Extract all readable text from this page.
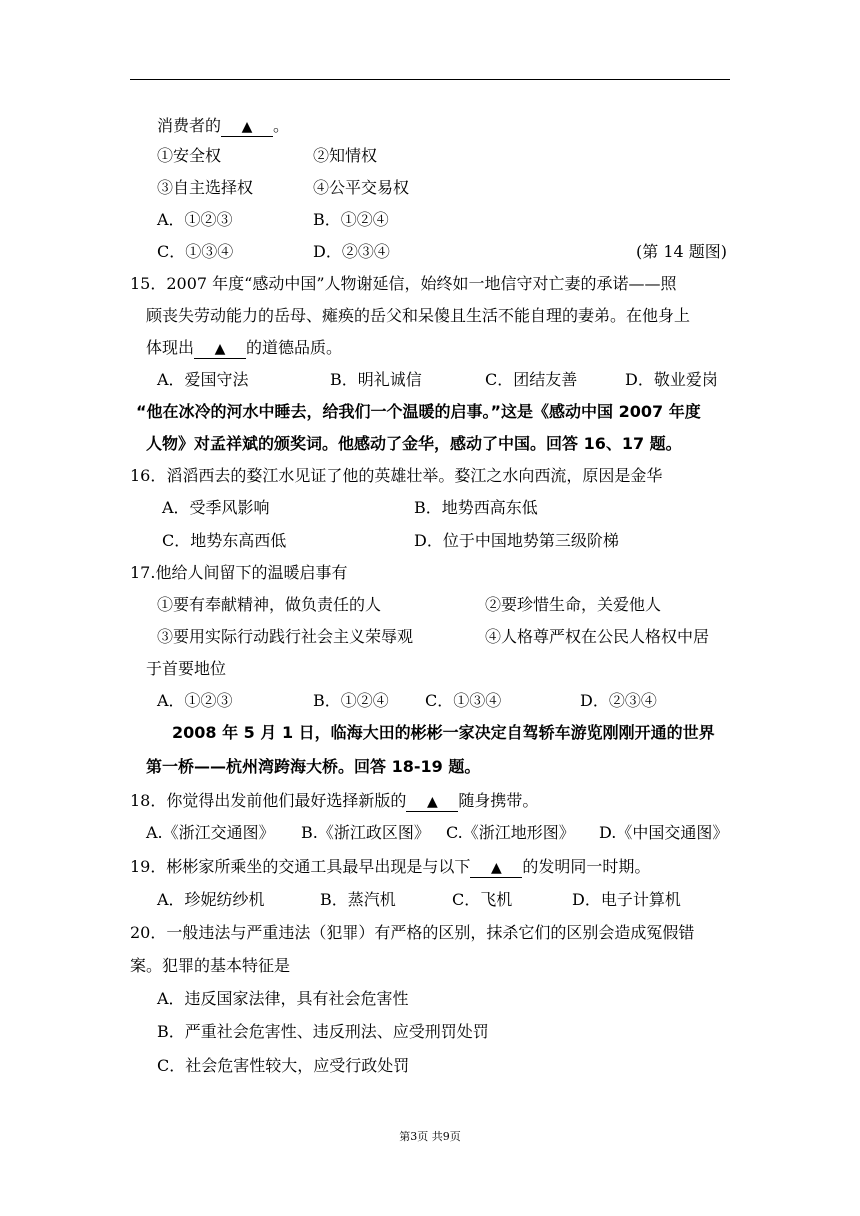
消费者的 ▲ 。
①安全权	②知情权
③自主选择权	④公平交易权
A．①②③	B．①②④
C．①③④	D．②③④	(第 14 题图)
15．2007 年度“感动中国”人物谢延信，始终如一地信守对亡妻的承诺——照
顾丧失劳动能力的岳母、瘫痪的岳父和呆傻且生活不能自理的妻弟。在他身上
体现出 ▲ 的道德品质。
A．爱国守法	B．明礼诚信	C．团结友善	D．敬业爱岗
“他在冰冷的河水中睡去，给我们一个温暖的启事。”这是《感动中国 2007 年度
人物》对孟祥斌的颁奖词。他感动了金华，感动了中国。回答 16、17 题。
16．滔滔西去的婺江水见证了他的英雄壮举。婺江之水向西流，原因是金华
A．受季风影响	B．地势西高东低
C．地势东高西低	D．位于中国地势第三级阶梯
17.他给人间留下的温暖启事有
①要有奉献精神，做负责任的人	②要珍惜生命，关爱他人
③要用实际行动践行社会主义荣辱观	④人格尊严权在公民人格权中居
于首要地位
A．①②③	B．①②④ C．①③④	D．②③④
2008 年 5 月 1 日，临海大田的彬彬一家决定自驾轿车游览刚刚开通的世界
第一桥——杭州湾跨海大桥。回答 18-19 题。
18．你觉得出发前他们最好选择新版的 ▲ 随身携带。
A.《浙江交通图》 B.《浙江政区图》 C.《浙江地形图》 D.《中国交通图》
19．彬彬家所乘坐的交通工具最早出现是与以下 ▲ 的发明同一时期。
A．珍妮纺纱机	B．蒸汽机	C．飞机	D．电子计算机
20．一般违法与严重违法（犯罪）有严格的区别，抹杀它们的区别会造成冤假错
案。犯罪的基本特征是
A．违反国家法律，具有社会危害性
B．严重社会危害性、违反刑法、应受刑罚处罚
C．社会危害性较大，应受行政处罚
第3页 共9页
